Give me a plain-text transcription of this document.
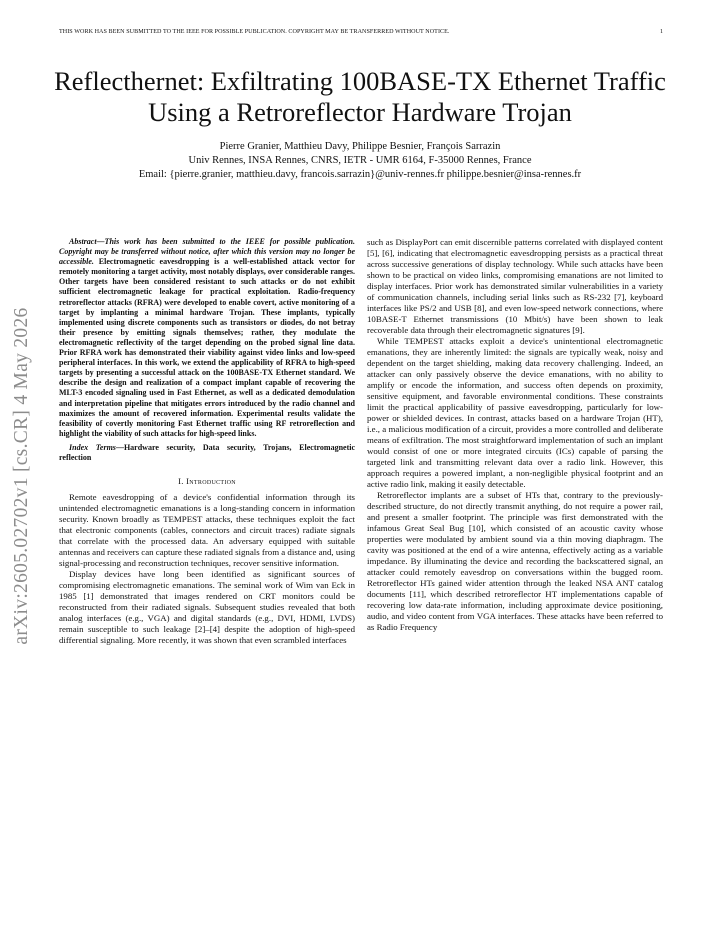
THIS WORK HAS BEEN SUBMITTED TO THE IEEE FOR POSSIBLE PUBLICATION. COPYRIGHT MAY BE TRANSFERRED WITHOUT NOTICE.	1
arXiv:2605.02702v1 [cs.CR] 4 May 2026
Reflecthernet: Exfiltrating 100BASE-TX Ethernet Traffic Using a Retroreflector Hardware Trojan
Pierre Granier, Matthieu Davy, Philippe Besnier, François Sarrazin
Univ Rennes, INSA Rennes, CNRS, IETR - UMR 6164, F-35000 Rennes, France
Email: {pierre.granier, matthieu.davy, francois.sarrazin}@univ-rennes.fr philippe.besnier@insa-rennes.fr

Abstract—This work has been submitted to the IEEE for possible publication. Copyright may be transferred without notice, after which this version may no longer be accessible. Electromagnetic eavesdropping is a well-established attack vector for remotely monitoring a target activity, most notably displays, over considerable ranges. Other targets have been considered resistant to such attacks or do not exhibit sufficient electromagnetic leakage for practical exploitation. Radio-frequency retroreflector attacks (RFRA) were developed to enable covert, active monitoring of a target by implanting a minimal hardware Trojan. These implants, typically implemented using discrete components such as transistors or diodes, do not betray their presence by emitting signals themselves; rather, they modulate the electromagnetic reflectivity of the target depending on the probed signal line data. Prior RFRA work has demonstrated their viability against video links and low-speed peripheral interfaces. In this work, we extend the applicability of RFRA to high-speed targets by presenting a successful attack on the 100BASE-TX Ethernet standard. We describe the design and realization of a compact implant capable of recovering the MLT-3 encoded signaling used in Fast Ethernet, as well as a dedicated demodulation and interpretation pipeline that mitigates errors introduced by the radio channel and maximizes the amount of recovered information. Experimental results validate the feasibility of covertly monitoring Fast Ethernet traffic using RF retroreflection and highlight the viability of such attacks for high-speed links.

Index Terms—Hardware security, Data security, Trojans, Electromagnetic reflection

I. Introduction

Remote eavesdropping of a device's confidential information through its unintended electromagnetic emanations is a long-standing concern in information security. Known broadly as TEMPEST attacks, these techniques exploit the fact that electronic components (cables, connectors and circuit traces) radiate signals that correlate with the processed data. An adversary equipped with suitable antennas and receivers can capture these radiated signals from a distance and, using signal-processing and reconstruction techniques, recover sensitive information.

Display devices have long been identified as significant sources of compromising electromagnetic emanations. The seminal work of Wim van Eck in 1985 [1] demonstrated that images rendered on CRT monitors could be reconstructed from their radiated signals. Subsequent studies revealed that both analog interfaces (e.g., VGA) and digital standards (e.g., DVI, HDMI, LVDS) remain susceptible to such leakage [2]–[4] despite the adoption of high-speed differential signaling. More recently, it was shown that even scrambled interfaces

such as DisplayPort can emit discernible patterns correlated with displayed content [5], [6], indicating that electromagnetic eavesdropping persists as a practical threat across successive generations of display technology. While such attacks have been shown to be practical on video links, compromising emanations are not limited to display interfaces. Prior work has demonstrated similar vulnerabilities in a variety of communication channels, including serial links such as RS-232 [7], keyboard interfaces like PS/2 and USB [8], and even low-speed network connections, where 10BASE-T Ethernet transmissions (10 Mbit/s) have been shown to leak recoverable data through their electromagnetic signatures [9].

While TEMPEST attacks exploit a device's unintentional electromagnetic emanations, they are inherently limited: the signals are typically weak, noisy and dependent on the target shielding, making data recovery challenging. Indeed, an attacker can only passively observe the device emanations, with no ability to amplify or encode the information, and success often depends on proximity, sensitive equipment, and favorable environmental conditions. These constraints limit the practical applicability of passive eavesdropping, particularly for low-power or shielded devices. In contrast, attacks based on a hardware Trojan (HT), i.e., a malicious modification of a circuit, provides a more controlled and deliberate means of exfiltration. The most straightforward implementation of such an implant would consist of one or more integrated circuits (ICs) capable of parsing the targeted link and transmitting relevant data over a radio link. However, this approach requires a powered implant, a non-negligible physical footprint and an active radio link, making it easily detectable.

Retroreflector implants are a subset of HTs that, contrary to the previously-described structure, do not directly transmit anything, do not require a power rail, and present a smaller footprint. The principle was first demonstrated with the infamous Great Seal Bug [10], which consisted of an acoustic cavity whose properties were modulated by ambient sound via a thin moving diaphragm. The cavity was positioned at the end of a wire antenna, effectively acting as a variable impedance. By illuminating the device and recording the backscattered signal, an attacker could remotely eavesdrop on conversations within the bugged room. Retroreflector HTs gained wider attention through the leaked NSA ANT catalog documents [11], which described retroreflector HT implementations capable of recovering low data-rate information, including approximate device positioning, audio, and video content from VGA interfaces. These attacks have been referred to as Radio Frequency
